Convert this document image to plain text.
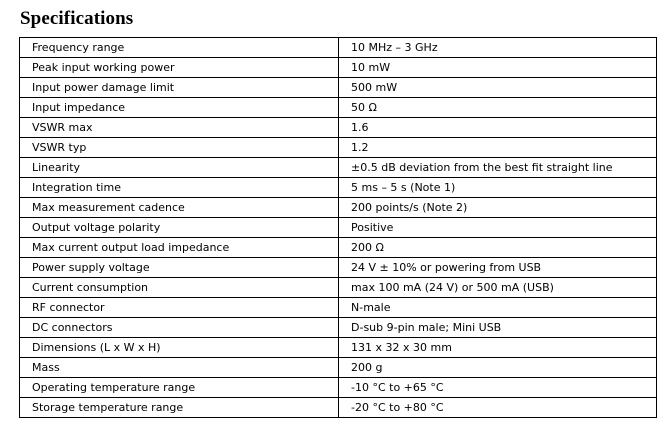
Specifications
Frequency range	10 MHz – 3 GHz
Peak input working power	10 mW
Input power damage limit	500 mW
Input impedance	50 Ω
VSWR max	1.6
VSWR typ	1.2
Linearity	±0.5 dB deviation from the best fit straight line
Integration time	5 ms – 5 s (Note 1)
Max measurement cadence	200 points/s (Note 2)
Output voltage polarity	Positive
Max current output load impedance	200 Ω
Power supply voltage	24 V ± 10% or powering from USB
Current consumption	max 100 mA (24 V) or 500 mA (USB)
RF connector	N-male
DC connectors	D-sub 9-pin male; Mini USB
Dimensions (L x W x H)	131 x 32 x 30 mm
Mass	200 g
Operating temperature range	-10 °C to +65 °C
Storage temperature range	-20 °C to +80 °C
